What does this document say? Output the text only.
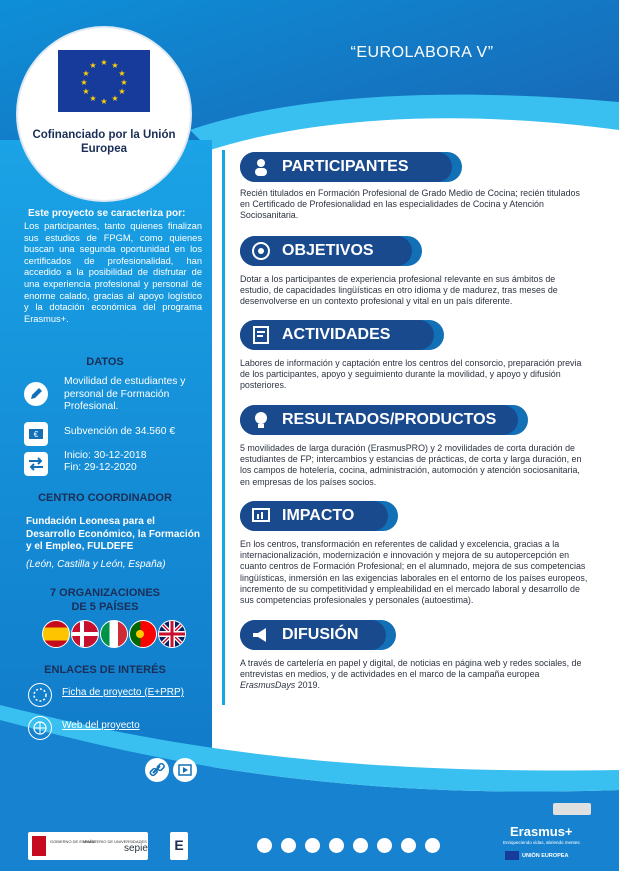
★ ★
★
★
★
★
★
★
★
★
★
★
Cofinanciado por la Unión Europea
“EUROLABORA V”
Este proyecto se caracteriza por:
Los participantes, tanto quienes finalizan sus estudios de FPGM, como quienes buscan una segunda oportunidad en los certificados de profesionalidad, han accedido a la posibilidad de disfrutar de una experiencia profesional y personal de enorme calado, gracias al apoyo logístico y la dotación económica del programa Erasmus+.
DATOS
Movilidad de estudiantes y personal de Formación Profesional.
€	Subvención de 34.560 €
Inicio: 30-12-2018
Fin: 29-12-2020
CENTRO COORDINADOR
Fundación Leonesa para el Desarrollo Económico, la Formación y el Empleo, FULDEFE
(León, Castilla y León, España)
7 ORGANIZACIONES
DE 5 PAÍSES
ENLACES DE INTERÉS
Ficha de proyecto (E+PRP)
Web del proyecto
PARTICIPANTES
Recién titulados en Formación Profesional de Grado Medio de Cocina; recién titulados en Certificado de Profesionalidad en las especialidades de Cocina y Atención Sociosanitaria.
OBJETIVOS
Dotar a los participantes de experiencia profesional relevante en sus ámbitos de estudio, de capacidades lingüísticas en otro idioma y de madurez, tras meses de desenvolverse en un contexto profesional y vital en un país diferente.
ACTIVIDADES
Labores de información y captación entre los centros del consorcio, preparación previa de los participantes, apoyo y seguimiento durante la movilidad, y apoyo y difusión posteriores.
RESULTADOS/PRODUCTOS
5 movilidades de larga duración (ErasmusPRO) y 2 movilidades de corta duración de estudiantes de FP; intercambios y estancias de prácticas, de corta y larga duración, en los campos de hotelería, cocina, administración, automoción y atención sociosanitaria, en empresas de los países socios.
IMPACTO
En los centros, transformación en referentes de calidad y excelencia, gracias a la internacionalización, modernización e innovación y mejora de su autopercepción en cuanto centros de Formación Profesional; en el alumnado, mejora de sus competencias lingüísticas, inmersión en las exigencias laborales en el entorno de los países europeos, incremento de su competitividad y empleabilidad en el mercado laboral y desarrollo de sus competencias profesionales y personales (autoestima).
DIFUSIÓN
A través de cartelería en papel y digital, de noticias en página web y redes sociales, de entrevistas en medios, y de actividades en el marco de la campaña europea ErasmusDays 2019.
GOBIERNO DE ESPAÑA
MINISTERIO DE UNIVERSIDADES
sepie E
Erasmus+
Enriqueciendo vidas, abriendo mentes.
UNIÓN EUROPEA
